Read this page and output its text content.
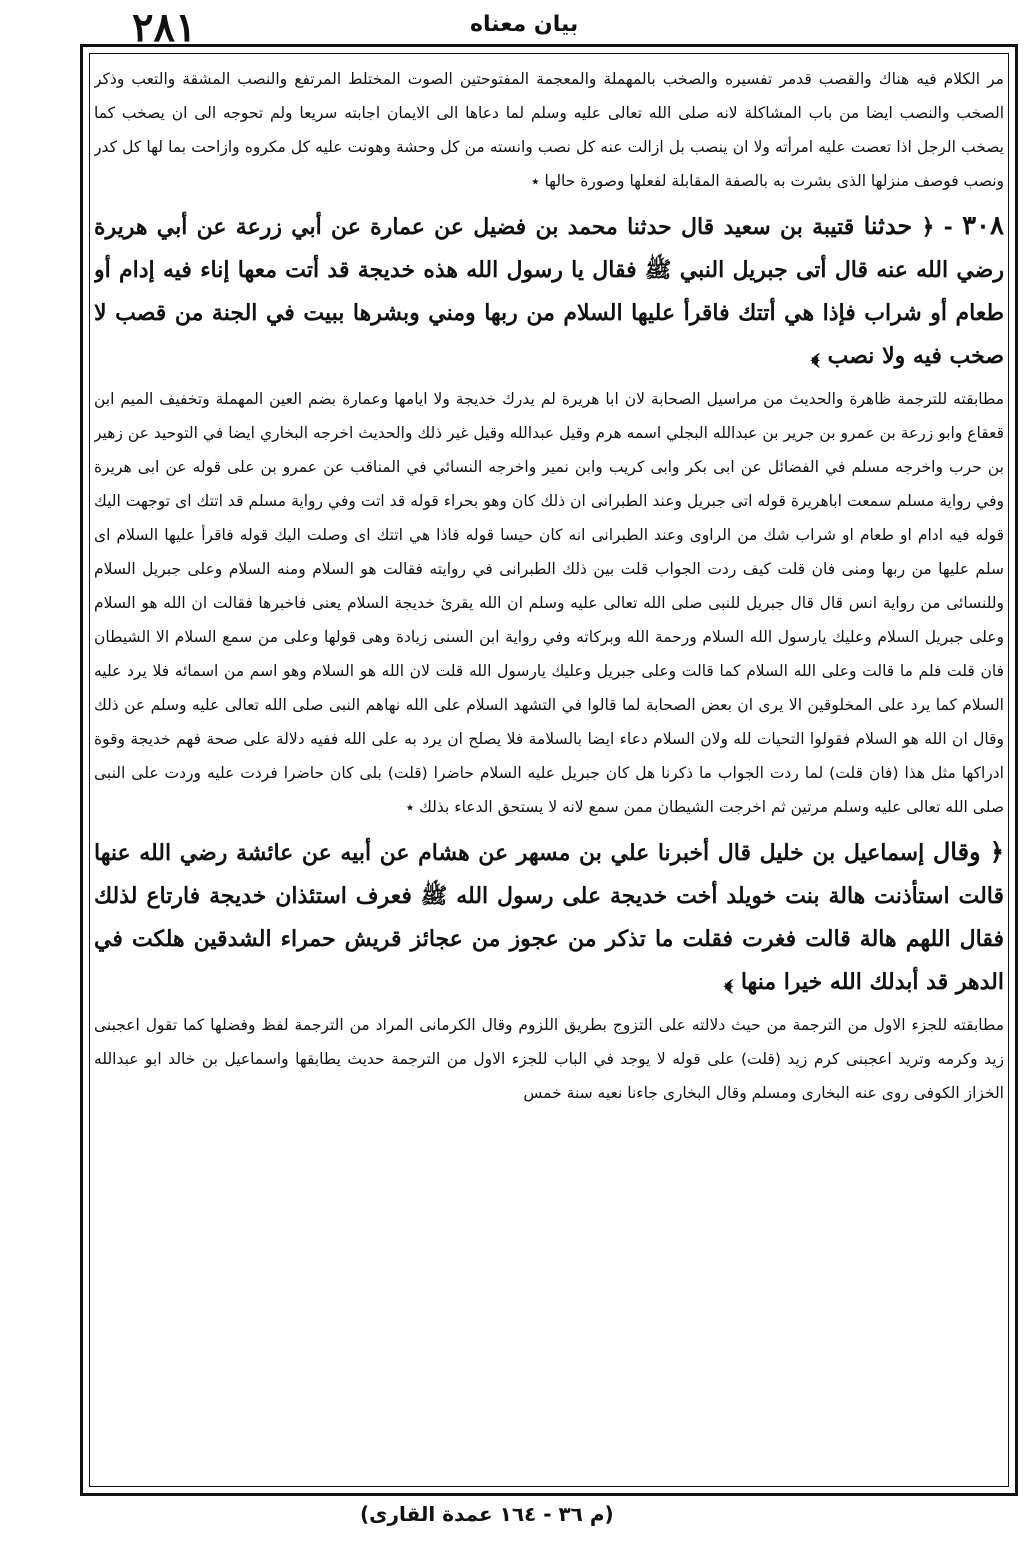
٢٨١	بيان معناه

مر الكلام فيه هناك والقصب قدمر تفسيره والصخب بالمهملة والمعجمة المفتوحتين الصوت المختلط المرتفع والنصب المشقة والتعب وذكر الصخب والنصب ايضا من باب المشاكلة لانه صلى الله تعالى عليه وسلم لما دعاها الى الايمان اجابته سريعا ولم تحوجه الى ان يصخب كما يصخب الرجل اذا تعصت عليه امرأته ولا ان ينصب بل ازالت عنه كل نصب وانسته من كل وحشة وهونت عليه كل مكروه وازاحت بما لها كل كدر ونصب فوصف منزلها الذى بشرت به بالصفة المقابلة لفعلها وصورة حالها ٭

٣٠٨ - ﴿ حدثنا قتيبة بن سعيد قال حدثنا محمد بن فضيل عن عمارة عن أبي زرعة عن أبي هريرة رضي الله عنه قال أتى جبريل النبي ﷺ فقال يا رسول الله هذه خديجة قد أتت معها إناء فيه إدام أو طعام أو شراب فإذا هي أتتك فاقرأ عليها السلام من ربها ومني وبشرها ببيت في الجنة من قصب لا صخب فيه ولا نصب ﴾

مطابقته للترجمة ظاهرة والحديث من مراسيل الصحابة لان ابا هريرة لم يدرك خديجة ولا ايامها وعمارة بضم العين المهملة وتخفيف الميم ابن قعقاع وابو زرعة بن عمرو بن جرير بن عبدالله البجلي اسمه هرم وقيل عبدالله وقيل غير ذلك والحديث اخرجه البخاري ايضا في التوحيد عن زهير بن حرب واخرجه مسلم في الفضائل عن ابى بكر وابى كريب وابن نمير واخرجه النسائي في المناقب عن عمرو بن على قوله عن ابى هريرة وفي رواية مسلم سمعت اباهريرة قوله اتى جبريل وعند الطبرانى ان ذلك كان وهو بحراء قوله قد اتت وفي رواية مسلم قد اتتك اى توجهت اليك قوله فيه ادام او طعام او شراب شك من الراوى وعند الطبرانى انه كان حيسا قوله فاذا هي اتتك اى وصلت اليك قوله فاقرأ عليها السلام اى سلم عليها من ربها ومنى فان قلت كيف ردت الجواب قلت بين ذلك الطبرانى في روايته فقالت هو السلام ومنه السلام وعلى جبريل السلام وللنسائى من رواية انس قال قال جبريل للنبى صلى الله تعالى عليه وسلم ان الله يقرئ خديجة السلام يعنى فاخبرها فقالت ان الله هو السلام وعلى جبريل السلام وعليك يارسول الله السلام ورحمة الله وبركاته وفي رواية ابن السنى زيادة وهى قولها وعلى من سمع السلام الا الشيطان فان قلت فلم ما قالت وعلى الله السلام كما قالت وعلى جبريل وعليك يارسول الله قلت لان الله هو السلام وهو اسم من اسمائه فلا يرد عليه السلام كما يرد على المخلوقين الا يرى ان بعض الصحابة لما قالوا في التشهد السلام على الله نهاهم النبى صلى الله تعالى عليه وسلم عن ذلك وقال ان الله هو السلام فقولوا التحيات لله ولان السلام دعاء ايضا بالسلامة فلا يصلح ان يرد به على الله ففيه دلالة على صحة فهم خديجة وقوة ادراكها مثل هذا (فان قلت) لما ردت الجواب ما ذكرنا هل كان جبريل عليه السلام حاضرا (قلت) بلى كان حاضرا فردت عليه وردت على النبى صلى الله تعالى عليه وسلم مرتين ثم اخرجت الشيطان ممن سمع لانه لا يستحق الدعاء بذلك ٭

﴿ وقال إسماعيل بن خليل قال أخبرنا علي بن مسهر عن هشام عن أبيه عن عائشة رضي الله عنها قالت استأذنت هالة بنت خويلد أخت خديجة على رسول الله ﷺ فعرف استئذان خديجة فارتاع لذلك فقال اللهم هالة قالت فغرت فقلت ما تذكر من عجوز من عجائز قريش حمراء الشدقين هلكت في الدهر قد أبدلك الله خيرا منها ﴾

مطابقته للجزء الاول من الترجمة من حيث دلالته على التزوج بطريق اللزوم وقال الكرمانى المراد من الترجمة لفظ وفضلها كما تقول اعجبنى زيد وكرمه وتريد اعجبنى كرم زيد (قلت) على قوله لا يوجد في الباب للجزء الاول من الترجمة حديث يطابقها واسماعيل بن خالد ابو عبدالله الخزاز الكوفى روى عنه البخارى ومسلم وقال البخارى جاءنا نعيه سنة خمس

(م ٣٦ - ١٦٤ عمدة القارى)
